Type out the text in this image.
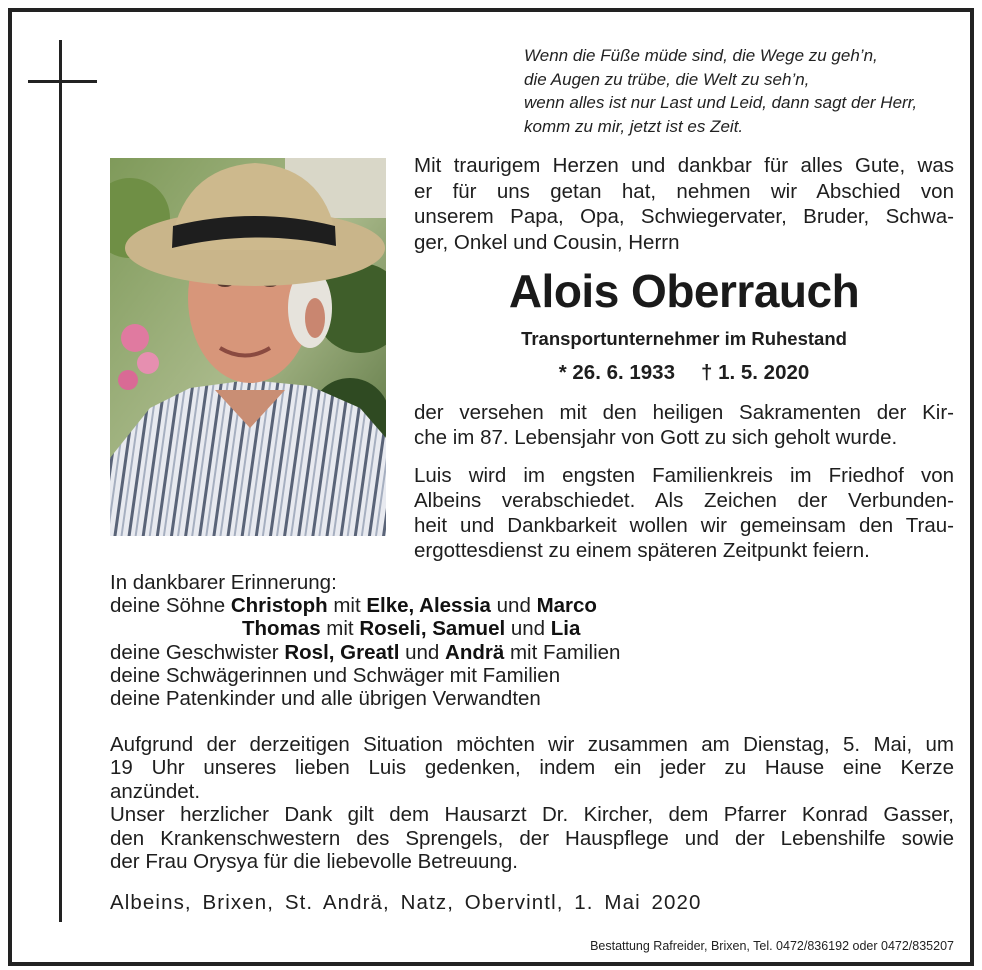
Wenn die Füße müde sind, die Wege zu geh’n,
die Augen zu trübe, die Welt zu seh’n,
wenn alles ist nur Last und Leid, dann sagt der Herr,
komm zu mir, jetzt ist es Zeit.
Mit traurigem Herzen und dankbar für alles Gute, was
er für uns getan hat, nehmen wir Abschied von
unserem Papa, Opa, Schwiegervater, Bruder, Schwa-
ger, Onkel und Cousin, Herrn
Alois Oberrauch
Transportunternehmer im Ruhestand
* 26. 6. 1933 † 1. 5. 2020
der versehen mit den heiligen Sakramenten der Kir-
che im 87. Lebensjahr von Gott zu sich geholt wurde.
Luis wird im engsten Familienkreis im Friedhof von
Albeins verabschiedet. Als Zeichen der Verbunden-
heit und Dankbarkeit wollen wir gemeinsam den Trau-
ergottesdienst zu einem späteren Zeitpunkt feiern.
In dankbarer Erinnerung:
deine Söhne Christoph mit Elke, Alessia und Marco
Thomas mit Roseli, Samuel und Lia
deine Geschwister Rosl, Greatl und Andrä mit Familien
deine Schwägerinnen und Schwäger mit Familien
deine Patenkinder und alle übrigen Verwandten
Aufgrund der derzeitigen Situation möchten wir zusammen am Dienstag, 5. Mai, um
19 Uhr unseres lieben Luis gedenken, indem ein jeder zu Hause eine Kerze
anzündet.
Unser herzlicher Dank gilt dem Hausarzt Dr. Kircher, dem Pfarrer Konrad Gasser,
den Krankenschwestern des Sprengels, der Hauspflege und der Lebenshilfe sowie
der Frau Orysya für die liebevolle Betreuung.
Albeins, Brixen, St. Andrä, Natz, Obervintl, 1. Mai 2020
Bestattung Rafreider, Brixen, Tel. 0472/836192 oder 0472/835207
